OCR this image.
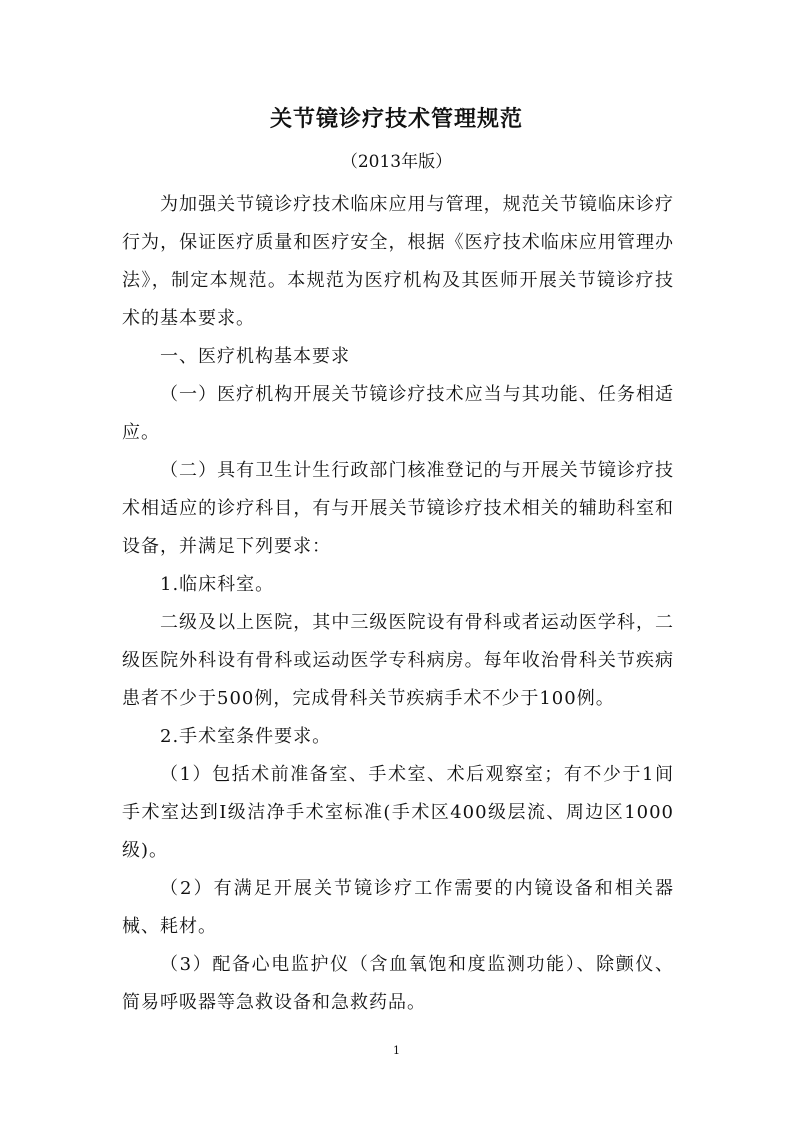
关节镜诊疗技术管理规范
（2013年版）

为加强关节镜诊疗技术临床应用与管理，规范关节镜临床诊疗行为，保证医疗质量和医疗安全，根据《医疗技术临床应用管理办法》，制定本规范。本规范为医疗机构及其医师开展关节镜诊疗技术的基本要求。

一、医疗机构基本要求

（一）医疗机构开展关节镜诊疗技术应当与其功能、任务相适应。

（二）具有卫生计生行政部门核准登记的与开展关节镜诊疗技术相适应的诊疗科目，有与开展关节镜诊疗技术相关的辅助科室和设备，并满足下列要求：

1.临床科室。

二级及以上医院，其中三级医院设有骨科或者运动医学科，二级医院外科设有骨科或运动医学专科病房。每年收治骨科关节疾病患者不少于500例，完成骨科关节疾病手术不少于100例。

2.手术室条件要求。

（1）包括术前准备室、手术室、术后观察室；有不少于1间手术室达到Ⅰ级洁净手术室标准(手术区400级层流、周边区1000级)。

（2）有满足开展关节镜诊疗工作需要的内镜设备和相关器械、耗材。

（3）配备心电监护仪（含血氧饱和度监测功能）、除颤仪、简易呼吸器等急救设备和急救药品。

1
